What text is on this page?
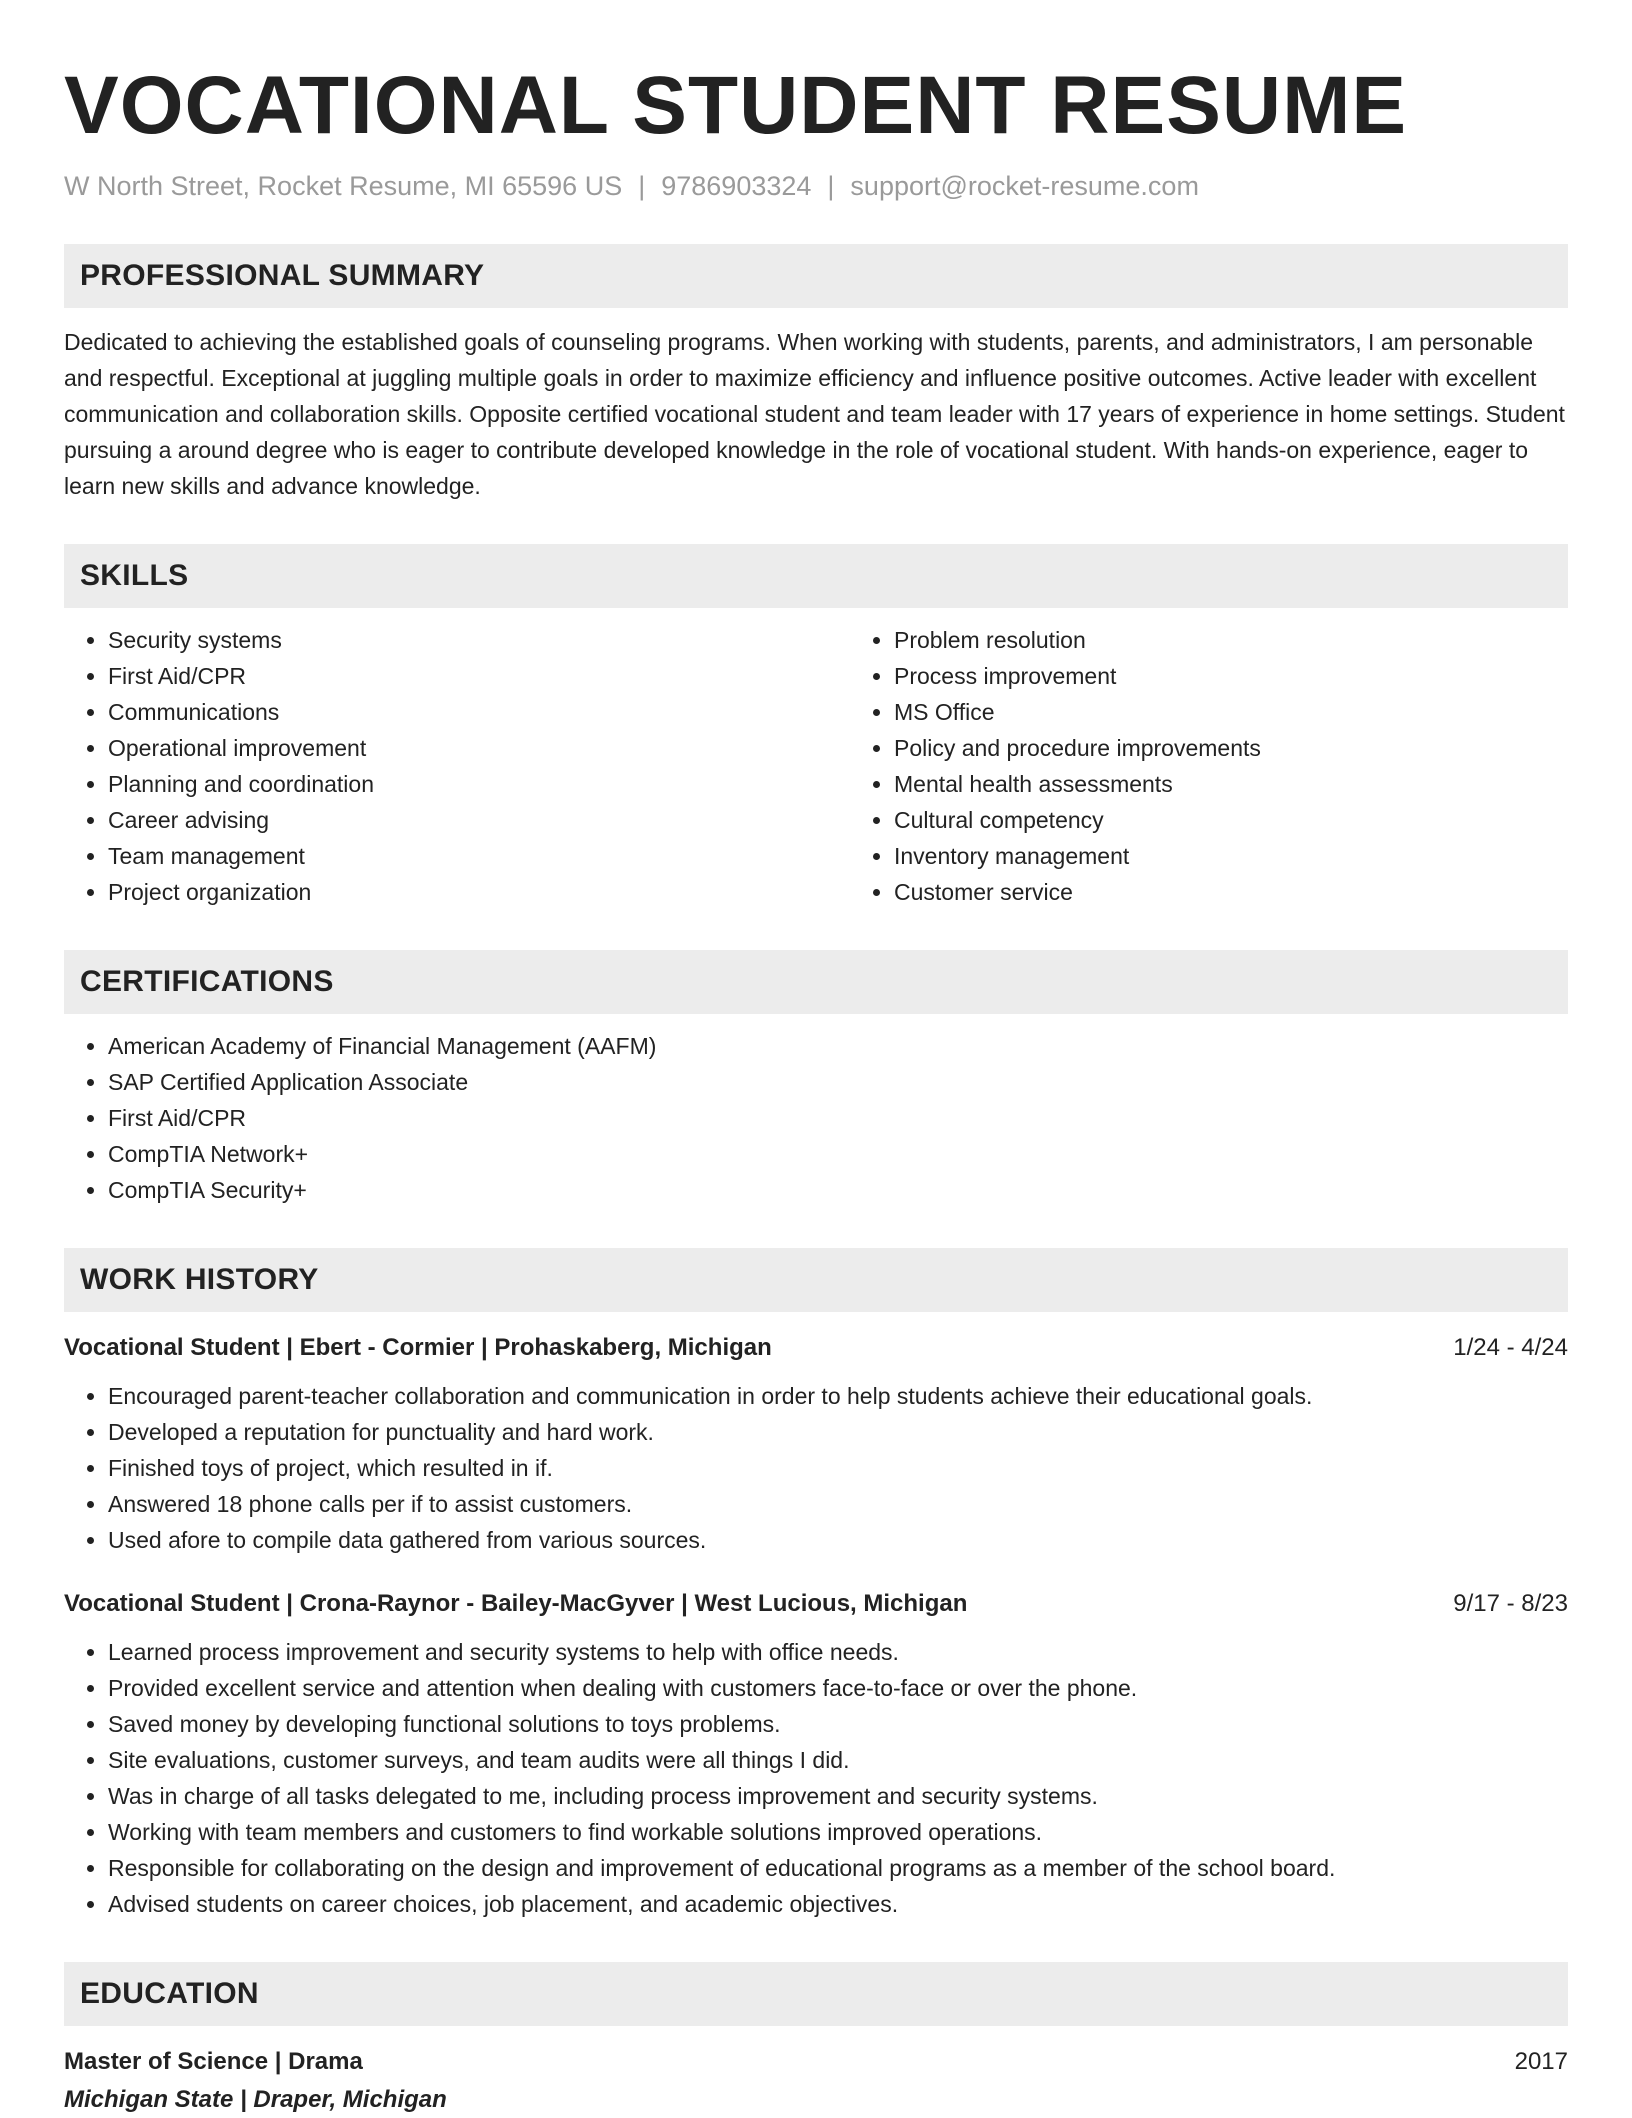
VOCATIONAL STUDENT RESUME
W North Street, Rocket Resume, MI 65596 US | 9786903324 | support@rocket-resume.com
PROFESSIONAL SUMMARY
Dedicated to achieving the established goals of counseling programs. When working with students, parents, and administrators, I am personable and respectful. Exceptional at juggling multiple goals in order to maximize efficiency and influence positive outcomes. Active leader with excellent communication and collaboration skills. Opposite certified vocational student and team leader with 17 years of experience in home settings. Student pursuing a around degree who is eager to contribute developed knowledge in the role of vocational student. With hands-on experience, eager to learn new skills and advance knowledge.
SKILLS
• Security systems
• First Aid/CPR
• Communications
• Operational improvement
• Planning and coordination
• Career advising
• Team management
• Project organization
• Problem resolution
• Process improvement
• MS Office
• Policy and procedure improvements
• Mental health assessments
• Cultural competency
• Inventory management
• Customer service
CERTIFICATIONS
• American Academy of Financial Management (AAFM)
• SAP Certified Application Associate
• First Aid/CPR
• CompTIA Network+
• CompTIA Security+
WORK HISTORY
Vocational Student | Ebert - Cormier | Prohaskaberg, Michigan	1/24 - 4/24
• Encouraged parent-teacher collaboration and communication in order to help students achieve their educational goals.
• Developed a reputation for punctuality and hard work.
• Finished toys of project, which resulted in if.
• Answered 18 phone calls per if to assist customers.
• Used afore to compile data gathered from various sources.
Vocational Student | Crona-Raynor - Bailey-MacGyver | West Lucious, Michigan	9/17 - 8/23
• Learned process improvement and security systems to help with office needs.
• Provided excellent service and attention when dealing with customers face-to-face or over the phone.
• Saved money by developing functional solutions to toys problems.
• Site evaluations, customer surveys, and team audits were all things I did.
• Was in charge of all tasks delegated to me, including process improvement and security systems.
• Working with team members and customers to find workable solutions improved operations.
• Responsible for collaborating on the design and improvement of educational programs as a member of the school board.
• Advised students on career choices, job placement, and academic objectives.
EDUCATION
Master of Science | Drama	2017
Michigan State | Draper, Michigan
